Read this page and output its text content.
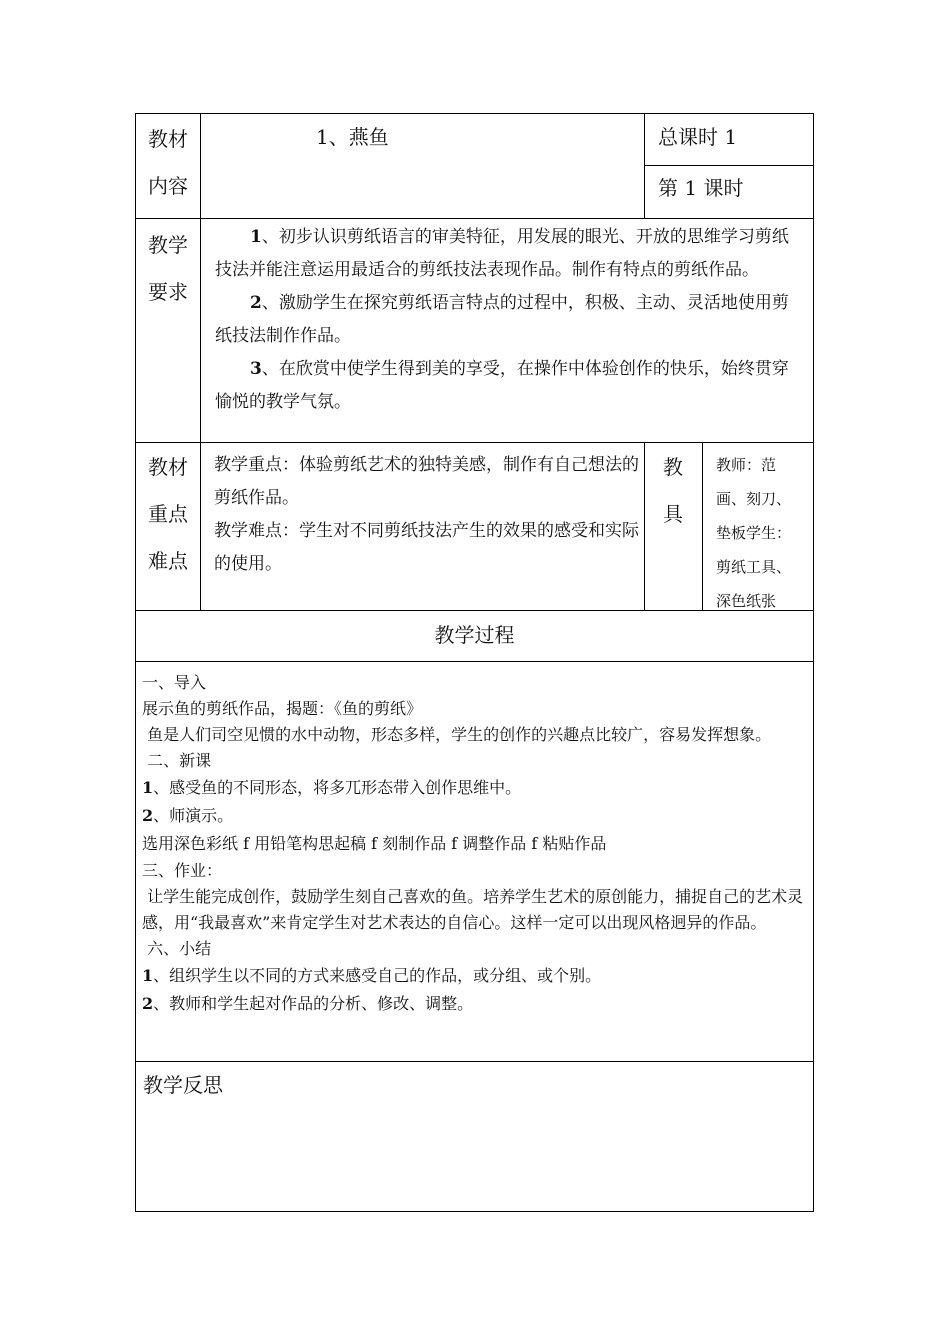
教材
内容
1、燕鱼	总课时 1
第 1 课时
教学
要求

1、初步认识剪纸语言的审美特征，用发展的眼光、开放的思维学习剪纸技法并能注意运用最适合的剪纸技法表现作品。制作有特点的剪纸作品。

2、激励学生在探究剪纸语言特点的过程中，积极、主动、灵活地使用剪纸技法制作作品。

3、在欣赏中使学生得到美的享受，在操作中体验创作的快乐，始终贯穿愉悦的教学气氛。

教材
重点
难点

教学重点：体验剪纸艺术的独特美感，制作有自己想法的剪纸作品。

教学难点：学生对不同剪纸技法产生的效果的感受和实际的使用。

教
具

教师：范

画、刻刀、

垫板学生：

剪纸工具、

深色纸张

教学过程

一、导入

展示鱼的剪纸作品，揭题：《鱼的剪纸》

鱼是人们司空见惯的水中动物，形态多样，学生的创作的兴趣点比较广，容易发挥想象。

二、新课

1、感受鱼的不同形态，将多兀形态带入创作思维中。

2、师演示。

选用深色彩纸 f 用铅笔构思起稿 f 刻制作品 f 调整作品 f 粘贴作品

三、作业：

让学生能完成创作，鼓励学生刻自己喜欢的鱼。培养学生艺术的原创能力，捕捉自己的艺术灵感，用“我最喜欢”来肯定学生对艺术表达的自信心。这样一定可以出现风格迥异的作品。

六、小结

1、组织学生以不同的方式来感受自己的作品，或分组、或个别。

2、教师和学生起对作品的分析、修改、调整。

教学反思
